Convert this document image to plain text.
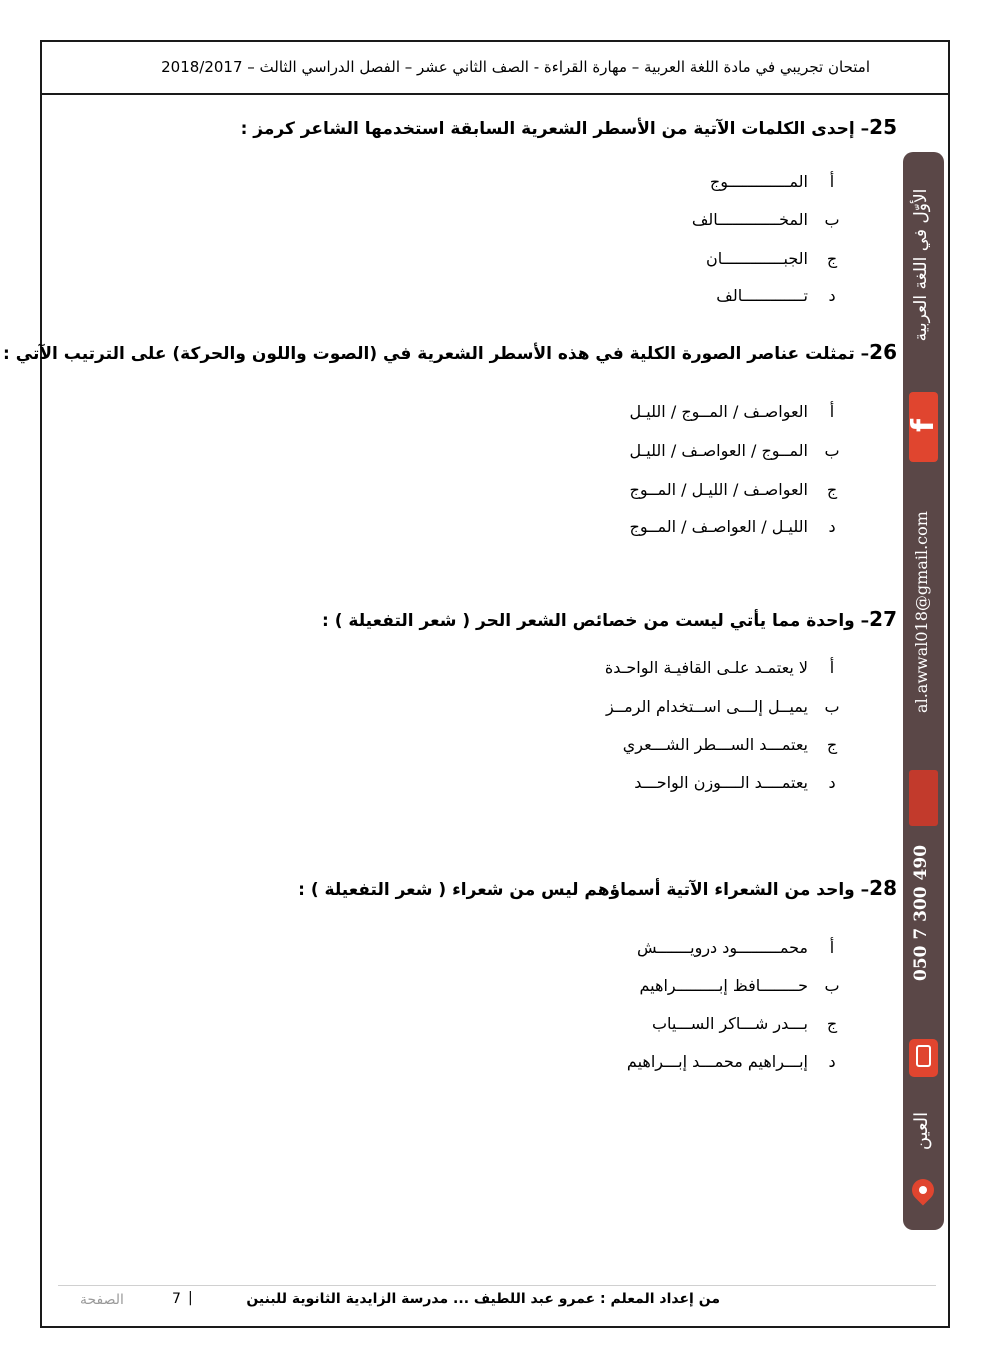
امتحان تجريبي في مادة اللغة العربية – مهارة القراءة - الصف الثاني عشر – الفصل الدراسي الثالث – 2018/2017
25– إحدى الكلمات الآتية من الأسطر الشعرية السابقة استخدمها الشاعر كرمز :
أ
المـــــــــــــوج
ب
المخـــــــــــــالف
ج
الجبـــــــــــــان
د
تـــــــــــــالف
26– تمثلت عناصر الصورة الكلية في هذه الأسطر الشعرية في (الصوت واللون والحركة) على الترتيب الآتي :
أ
العواصـف / المــوج / الليـل
ب
المــوج / العواصـف / الليـل
ج
العواصـف / الليـل / المــوج
د
الليـل / العواصـف / المــوج
27– واحدة مما يأتي ليست من خصائص الشعر الحر ( شعر التفعيلة ) :
أ
لا يعتمـد علـى القافيـة الواحـدة
ب
يميــل إلـــى اســتخدام الرمــز
ج
يعتمـــد الســـطر الشـــعري
د
يعتمــــد الــــوزن الواحـــد
28– واحد من الشعراء الآتية أسماؤهم ليس من شعراء ( شعر التفعيلة ) :
أ
محمـــــــــود درويـــــــش
ب
حــــــــافظ إبـــــــــراهيم
ج
بـــدر شـــاكر الســـياب
د
إبـــراهيم محمـــد إبـــراهيم
الأوّل في اللغة العربية
f
al.awwal018@gmail.com
050 7 300 490
العين
من إعداد المعلم : عمرو عبد اللطيف ... مدرسة الزايدية الثانوية للبنين
7 |
الصفحة
